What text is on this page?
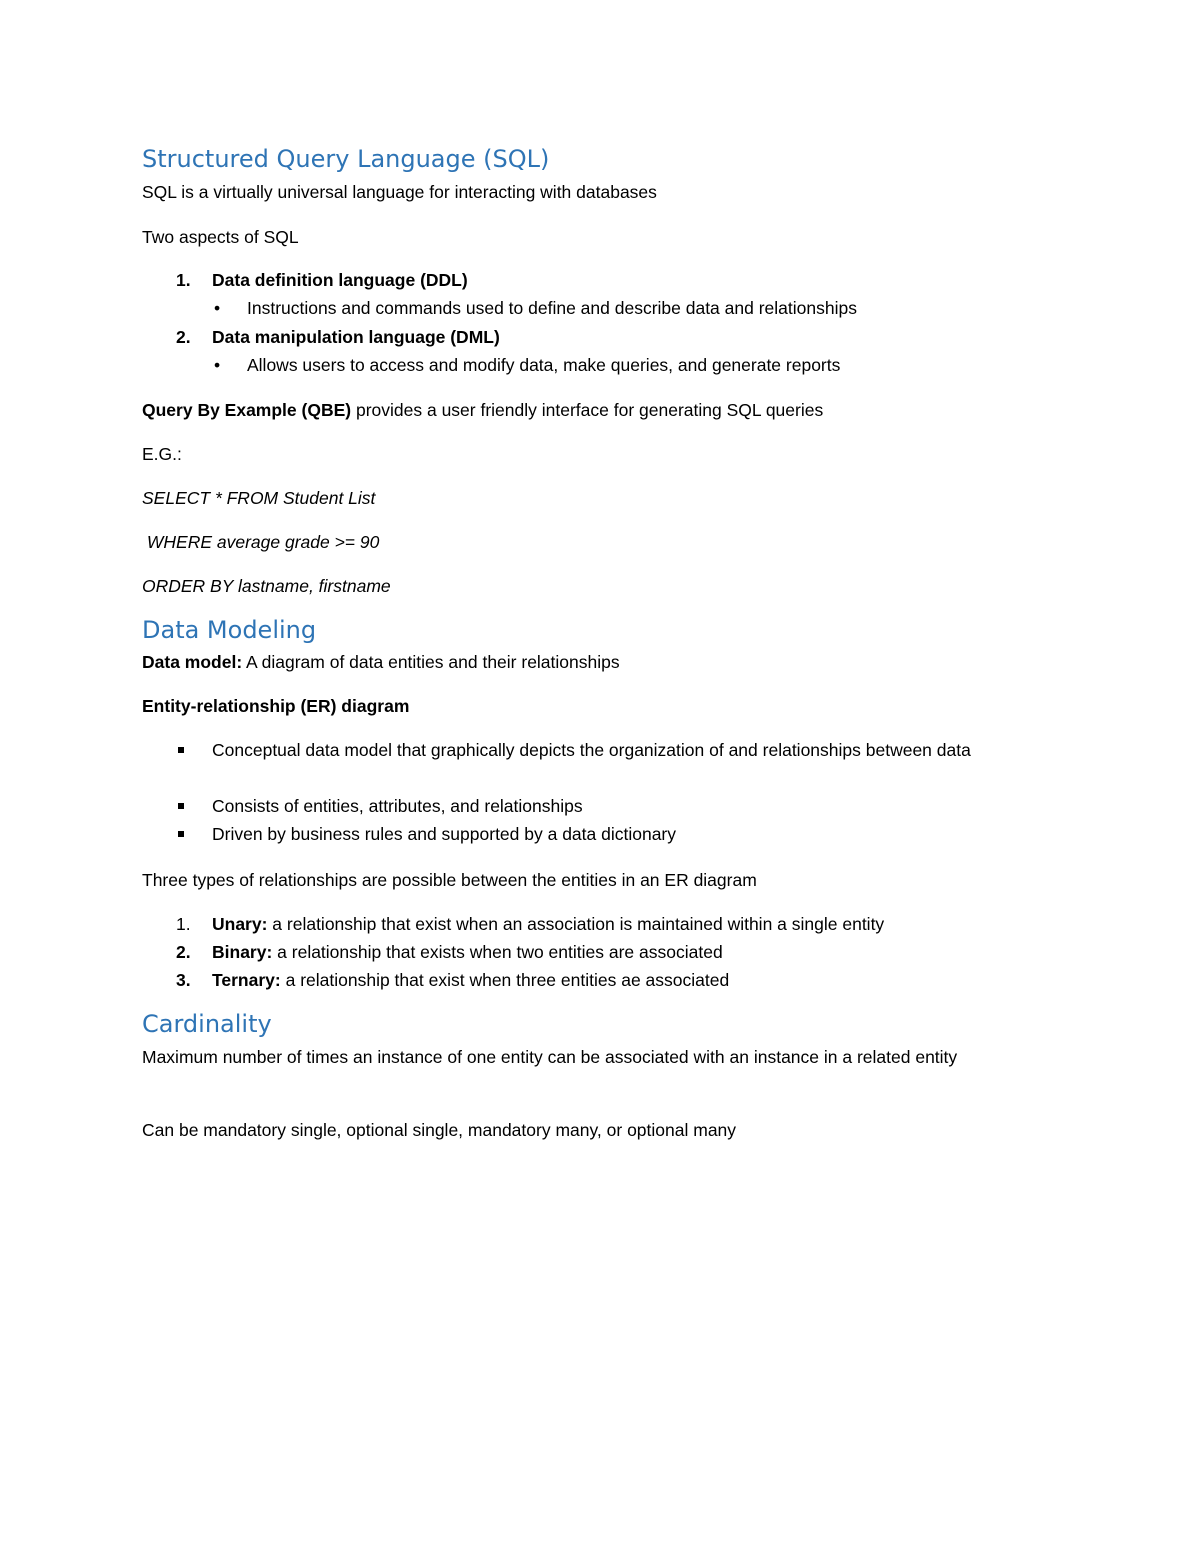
Structured Query Language (SQL)
SQL is a virtually universal language for interacting with databases
Two aspects of SQL
1. Data definition language (DDL)
• Instructions and commands used to define and describe data and relationships
2. Data manipulation language (DML)
• Allows users to access and modify data, make queries, and generate reports
Query By Example (QBE) provides a user friendly interface for generating SQL queries
E.G.:
SELECT * FROM Student List
WHERE average grade >= 90
ORDER BY lastname, firstname
Data Modeling
Data model: A diagram of data entities and their relationships
Entity-relationship (ER) diagram
Conceptual data model that graphically depicts the organization of and relationships between data
Consists of entities, attributes, and relationships
Driven by business rules and supported by a data dictionary
Three types of relationships are possible between the entities in an ER diagram
1. Unary: a relationship that exist when an association is maintained within a single entity
2. Binary: a relationship that exists when two entities are associated
3. Ternary: a relationship that exist when three entities ae associated
Cardinality
Maximum number of times an instance of one entity can be associated with an instance in a related entity
Can be mandatory single, optional single, mandatory many, or optional many
